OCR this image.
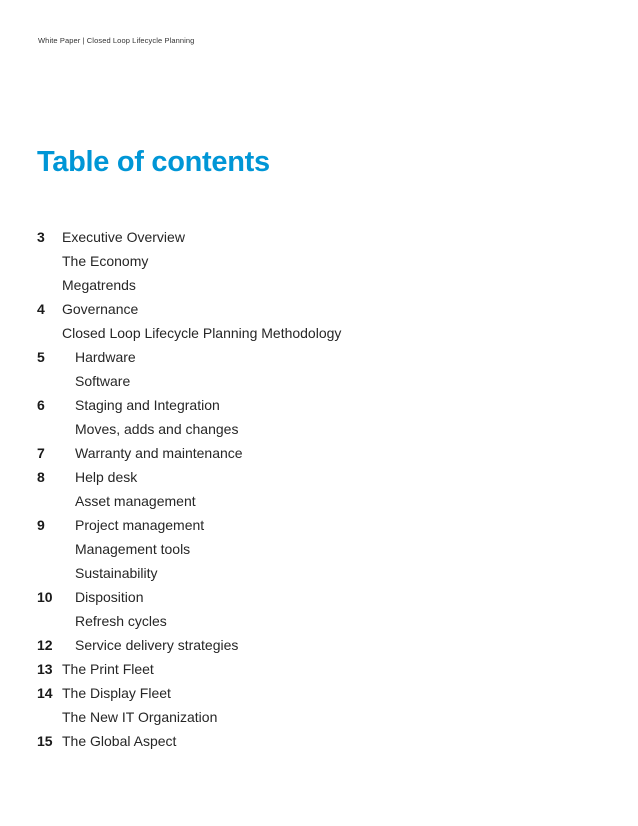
White Paper | Closed Loop Lifecycle Planning
Table of contents
3 Executive Overview
The Economy
Megatrends
4 Governance
Closed Loop Lifecycle Planning Methodology
5 Hardware
Software
6 Staging and Integration
Moves, adds and changes
7 Warranty and maintenance
8 Help desk
Asset management
9 Project management
Management tools
Sustainability
10 Disposition
Refresh cycles
12 Service delivery strategies
13 The Print Fleet
14 The Display Fleet
The New IT Organization
15 The Global Aspect
